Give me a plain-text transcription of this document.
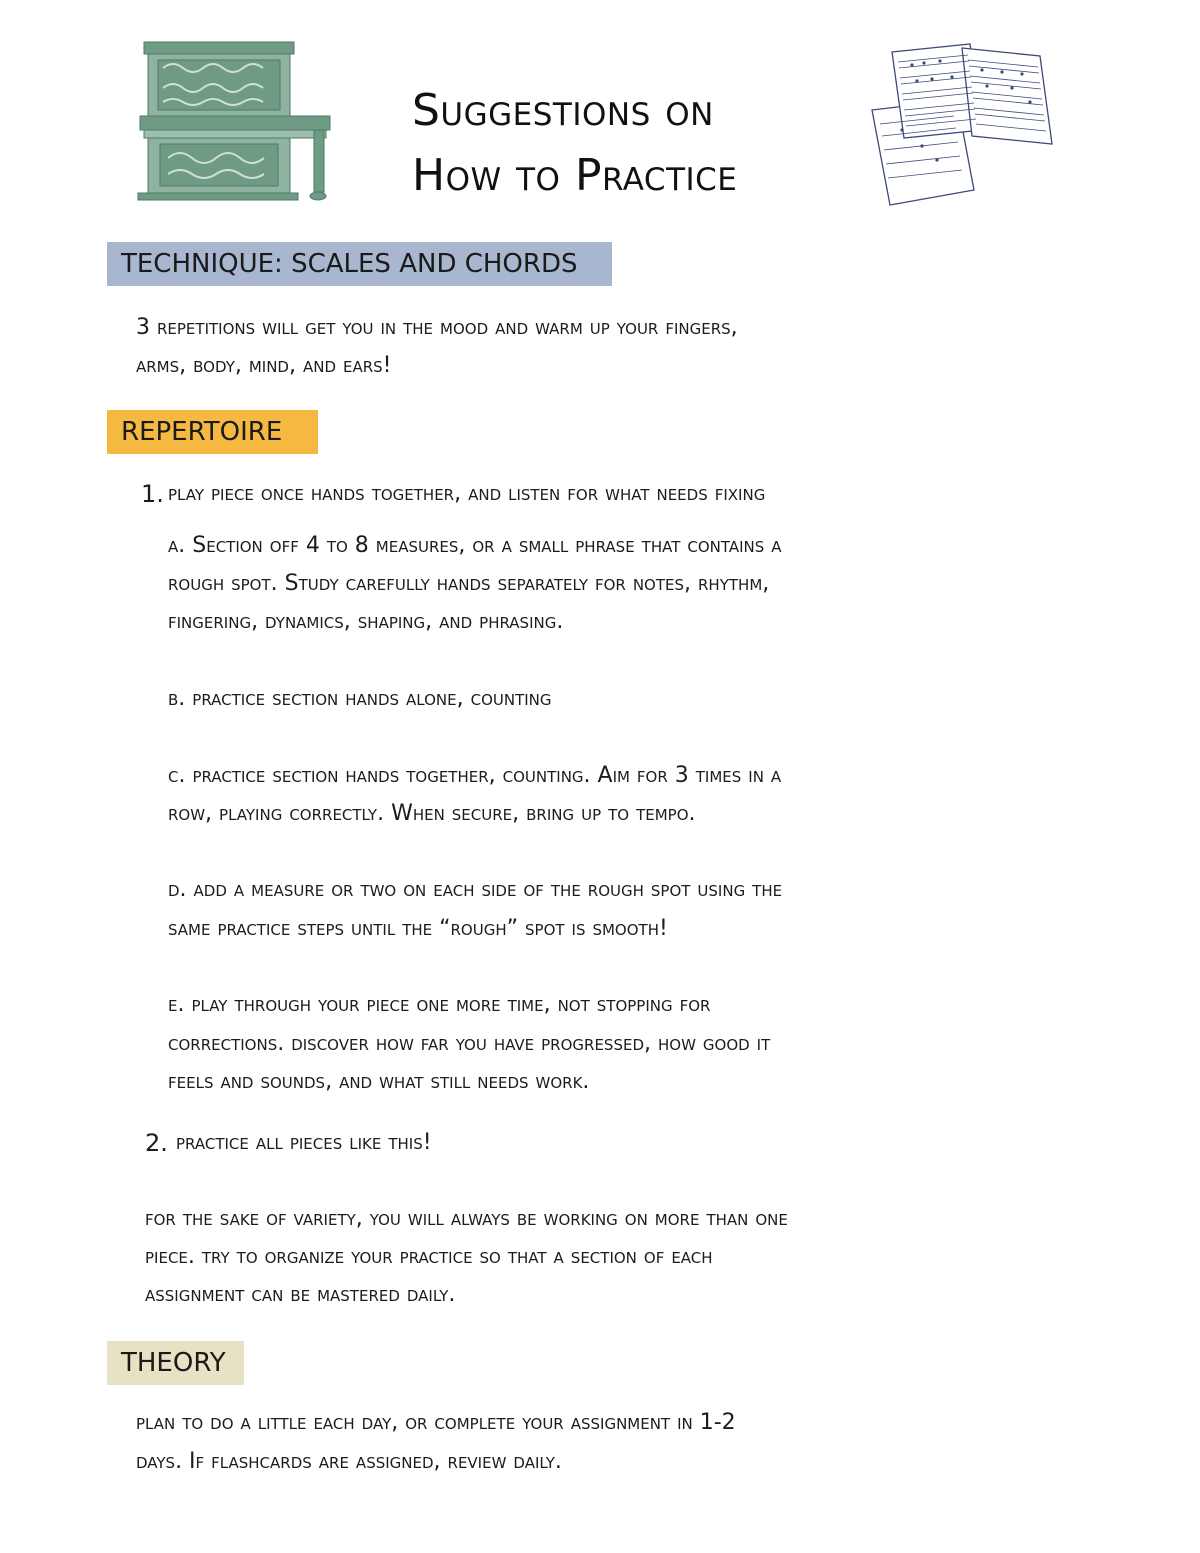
Suggestions on
How to Practice
TECHNIQUE: SCALES AND CHORDS
3 repetitions will get you in the mood and warm up your fingers,
arms, body, mind, and ears!
REPERTOIRE
1. play piece once hands together, and listen for what needs fixing
a. Section off 4 to 8 measures, or a small phrase that contains a
rough spot. Study carefully hands separately for notes, rhythm,
fingering, dynamics, shaping, and phrasing.
b. practice section hands alone, counting
c. practice section hands together, counting. Aim for 3 times in a
row, playing correctly. When secure, bring up to tempo.
d. add a measure or two on each side of the rough spot using the
same practice steps until the “rough” spot is smooth!
e. play through your piece one more time, not stopping for
corrections. discover how far you have progressed, how good it
feels and sounds, and what still needs work.
2. practice all pieces like this!
for the sake of variety, you will always be working on more than one
piece. try to organize your practice so that a section of each
assignment can be mastered daily.
THEORY
plan to do a little each day, or complete your assignment in 1-2
days. If flashcards are assigned, review daily.
